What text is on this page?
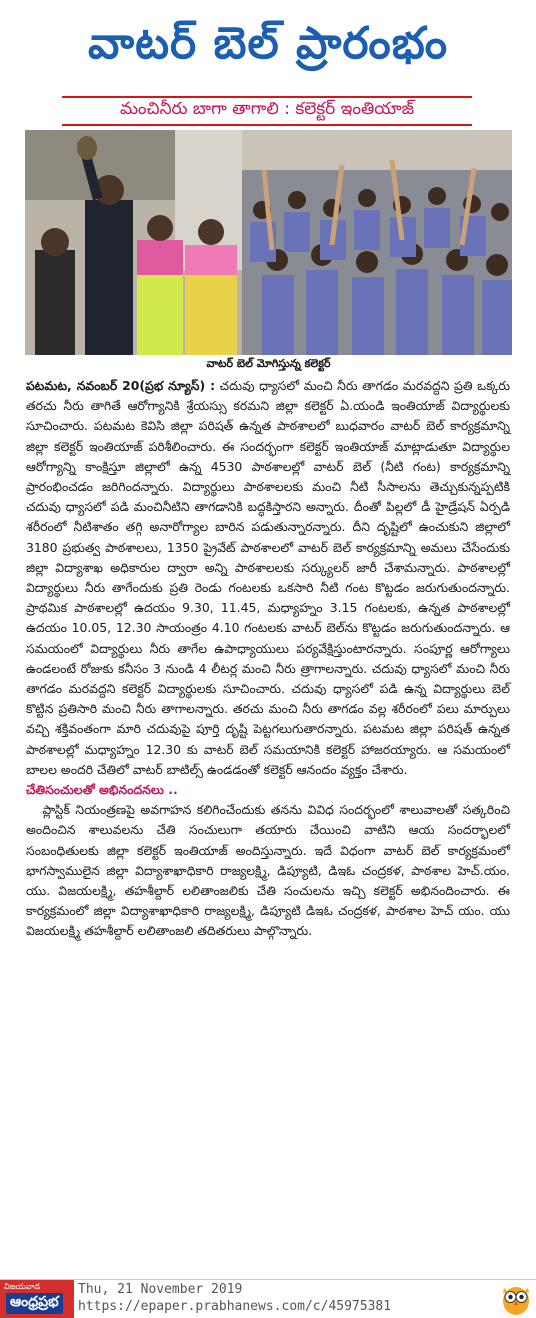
వాటర్ బెల్ ప్రారంభం
మంచినీరు బాగా తాగాలి : కలెక్టర్ ఇంతియాజ్
వాటర్ బెల్ మోగిస్తున్న కలెక్టర్

పటమట, నవంబర్ 20(ప్రభ న్యూస్) : చదువు ధ్యాసలో మంచి నీరు తాగడం మరవద్దని ప్రతి ఒక్కరు తరచు నీరు తాగితే ఆరోగ్యానికి శ్రేయస్సు కరమని జిల్లా కలెక్టర్ ఏ.యండి ఇంతియాజ్ విద్యార్థులకు సూచించారు. పటమట కెవిసి జిల్లా పరిషత్ ఉన్నత పాఠశాలలో బుధవారం వాటర్ బెల్ కార్యక్రమాన్ని జిల్లా కలెక్టర్ ఇంతియాజ్ పరిశీలించారు. ఈ సందర్భంగా కలెక్టర్ ఇంతియాజ్ మాట్లాడుతూ విద్యార్థుల ఆరోగ్యాన్ని కాంక్షిస్తూ జిల్లాలో ఉన్న 4530 పాఠశాలల్లో వాటర్ బెల్ (నీటి గంట) కార్యక్రమాన్ని ప్రారంభించడం జరిగిందన్నారు. విద్యార్థులు పాఠశాలలకు మంచి నీటి సీసాలను తెచ్చుకున్నప్పటికి చదువు ధ్యాసలో పడి మంచినీటిని తాగడానికి బద్ధకిస్తారని అన్నారు. దీంతో పిల్లలో డీ హైడ్రేషన్ ఏర్పడి శరీరంలో నీటిశాతం తగ్గి అనారోగ్యాల బారిన పడుతున్నారన్నారు. దీని దృష్టిలో ఉంచుకుని జిల్లాలో 3180 ప్రభుత్వ పాఠశాలలు, 1350 ప్రైవేట్ పాఠశాలలో వాటర్ బెల్ కార్యక్రమాన్ని అమలు చేసేందుకు జిల్లా విద్యాశాఖ అధికారుల ద్వారా అన్ని పాఠశాలలకు సర్క్యులర్ జారీ చేశామన్నారు. పాఠశాలల్లో విద్యార్థులు నీరు తాగేందుకు ప్రతి రెండు గంటలకు ఒకసారి నీటి గంట కొట్టడం జరుగుతుందన్నారు. ప్రాథమిక పాఠశాలల్లో ఉదయం 9.30, 11.45, మధ్యాహ్నం 3.15 గంటలకు, ఉన్నత పాఠశాలల్లో ఉదయం 10.05, 12.30 సాయంత్రం 4.10 గంటలకు వాటర్ బెల్‌ను కొట్టడం జరుగుతుందన్నారు. ఆ సమయంలో విద్యార్థులు నీరు తాగేల ఉపాధ్యాయులు పర్యవేక్షిస్తుంటారన్నారు. సంపూర్ణ ఆరోగ్యాలు ఉండలంటే రోజుకు కనీసం 3 నుండి 4 లీటర్ల మంచి నీరు త్రాగాలన్నారు. చదువు ధ్యాసలో మంచి నీరు తాగడం మరవద్దని కలెక్టర్ విద్యార్థులకు సూచించారు. చదువు ధ్యాసలో పడి ఉన్న విద్యార్థులు బెల్ కొట్టిన ప్రతిసారి మంచి నీరు తాగాలన్నారు. తరచు మంచి నీరు తాగడం వల్ల శరీరంలో పలు మార్పులు వచ్చి శక్తివంతంగా మారి చదువుపై పూర్తి దృష్టి పెట్టగలుగుతారన్నారు. పటమట జిల్లా పరిషత్ ఉన్నత పాఠశాలల్లో మధ్యాహ్నం 12.30 కు వాటర్ బెల్ సమయానికి కలెక్టర్ హాజరయ్యారు. ఆ సమయంలో బాలల అందరి చేతిలో వాటర్ బాటిల్స్ ఉండడంతో కలెక్టర్ ఆనందం వ్యక్తం చేశారు.

చేతిసంచులతో అభినందనలు ..

ప్లాస్టిక్ నియంత్రణపై అవగాహన కలిగించేందుకు తనను వివిధ సందర్భంలో శాలువాలతో సత్కరించి అందించిన శాలువలను చేతి సంచులుగా తయారు చేయించి వాటిని ఆయ సందర్భాలలో సంబంధితులకు జిల్లా కలెక్టర్ ఇంతియాజ్ అందిస్తున్నారు. ఇదే విధంగా వాటర్ బెల్ కార్యక్రమంలో భాగస్వాములైన జిల్లా విద్యాశాఖాధికారి రాజ్యలక్ష్మి, డిప్యూటి, డిఇఓ చంద్రకళ, పాఠశాల హెచ్.యం. యు. విజయలక్ష్మి, తహశీల్దార్ లలితాంజలికు చేతి సంచులను ఇచ్చి కలెక్టర్ అభినందించారు. ఈ కార్యక్రమంలో జిల్లా విద్యాశాఖాధికారి రాజ్యలక్ష్మి, డిప్యూటి డిఇఓ చంద్రకళ, పాఠశాల హెచ్ యం. యు విజయలక్ష్మి తహశీల్దార్ లలితాంజలి తదితరులు పాల్గొన్నారు.

విజయవాడ
ఆంధ్రప్రభ
Thu, 21 November 2019
https://epaper.prabhanews.com/c/45975381
